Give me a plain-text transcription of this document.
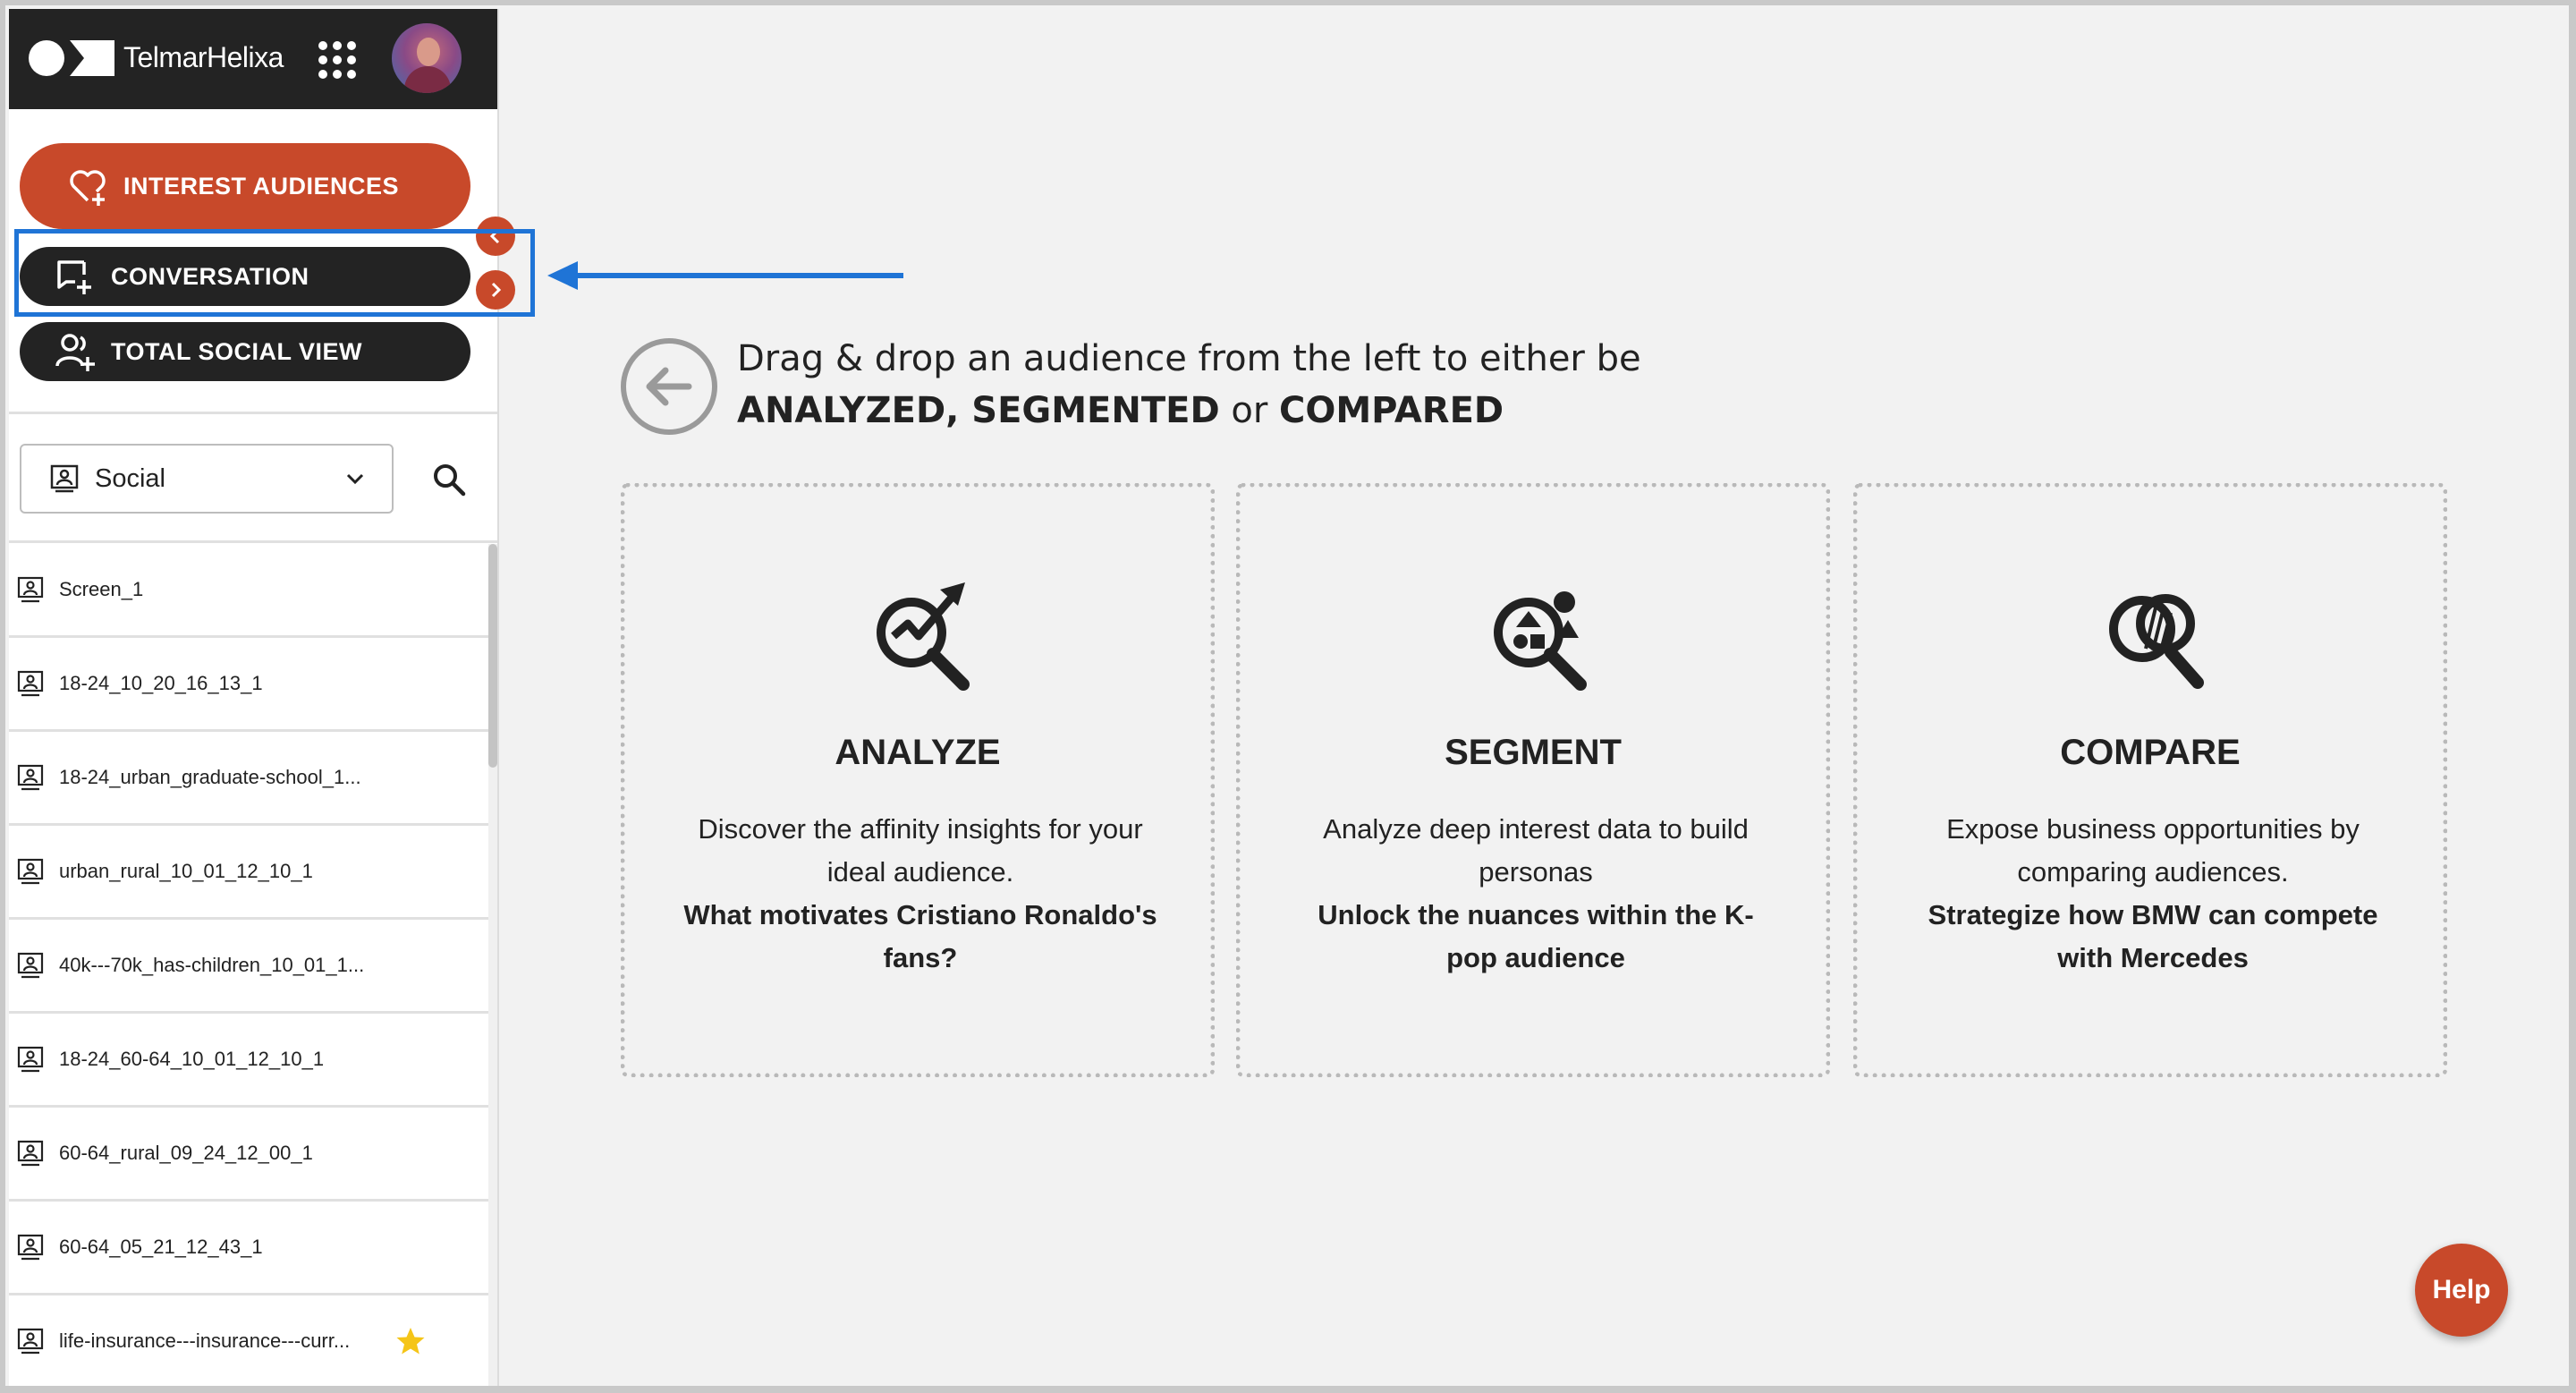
TelmarHelixa
INTEREST AUDIENCES
CONVERSATION
TOTAL SOCIAL VIEW
Social
Screen_1
18-24_10_20_16_13_1
18-24_urban_graduate-school_1...
urban_rural_10_01_12_10_1
40k---70k_has-children_10_01_1...
18-24_60-64_10_01_12_10_1
60-64_rural_09_24_12_00_1
60-64_05_21_12_43_1
life-insurance---insurance---curr...
Drag & drop an audience from the left to either be
ANALYZED, SEGMENTED or COMPARED
ANALYZE
Discover the affinity insights for your ideal audience.
What motivates Cristiano Ronaldo's fans?
SEGMENT
Analyze deep interest data to build personas
Unlock the nuances within the K-pop audience
COMPARE
Expose business opportunities by comparing audiences.
Strategize how BMW can compete with Mercedes
Help
